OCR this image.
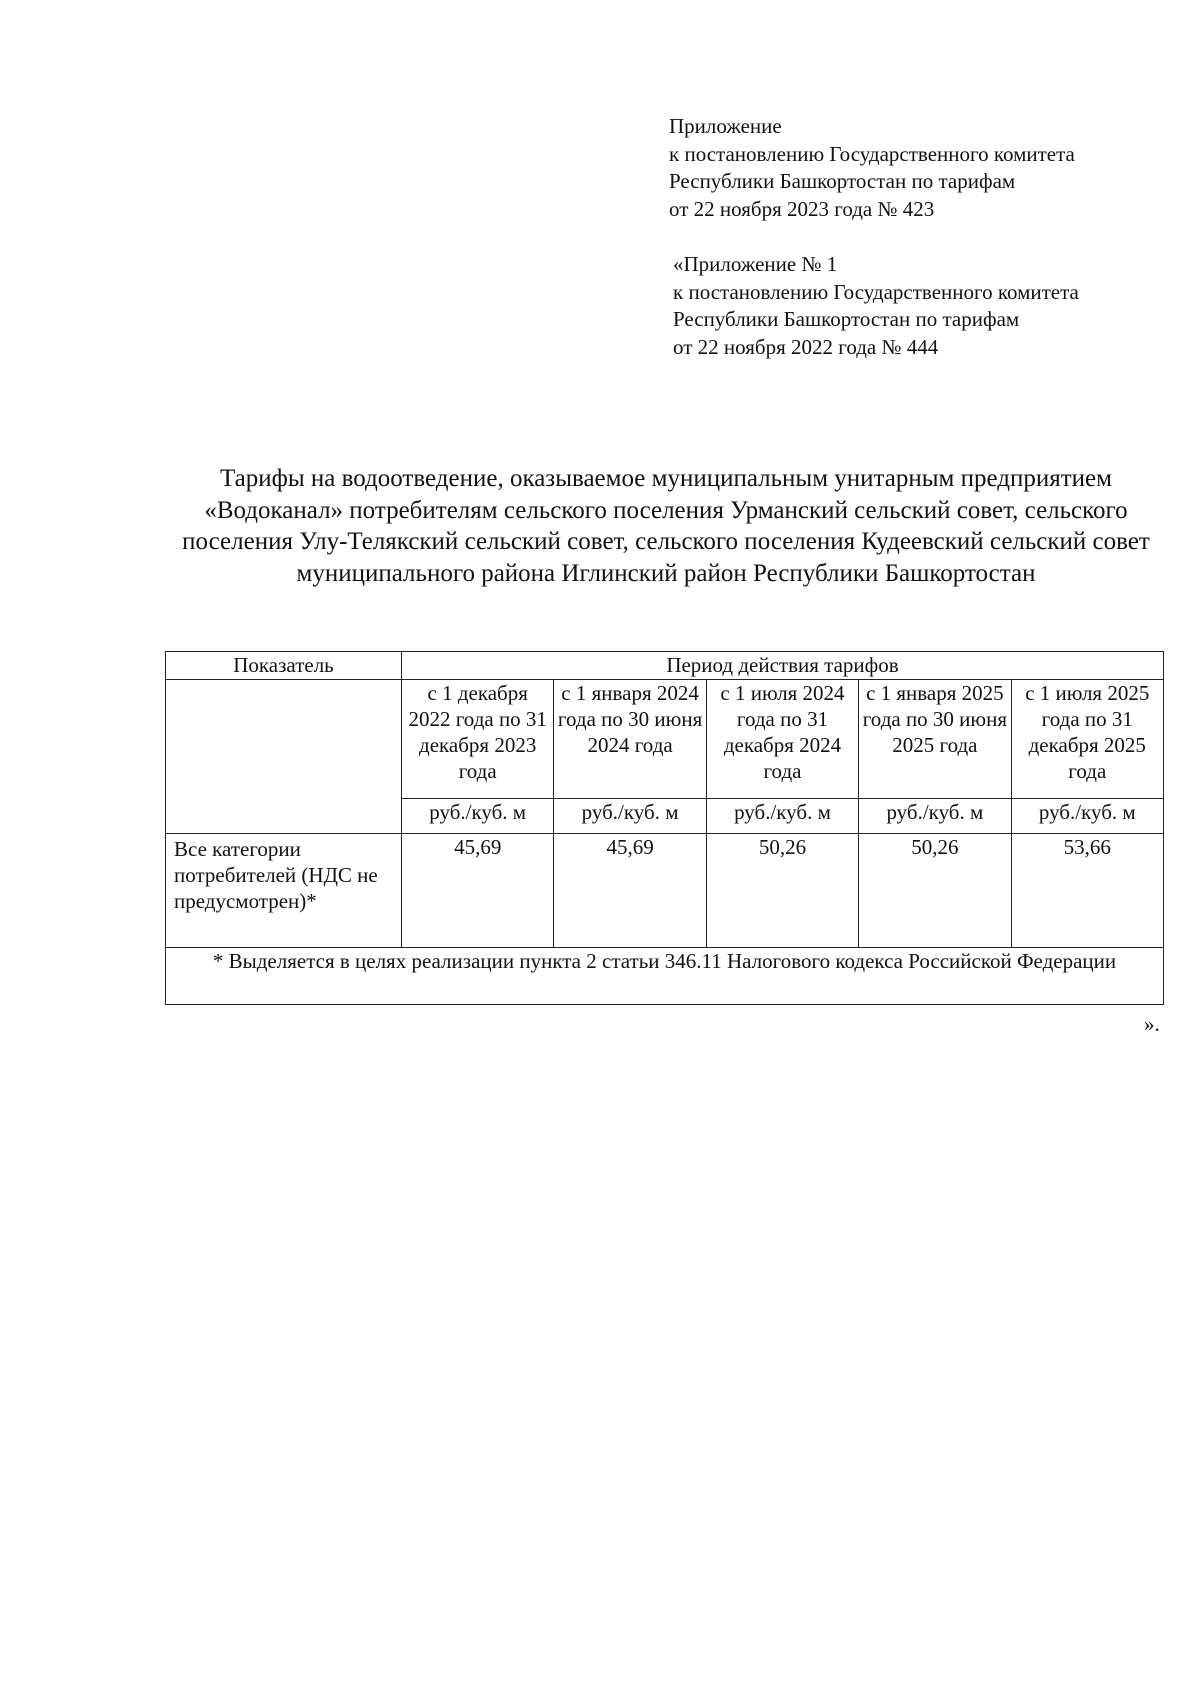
Приложение
к постановлению Государственного комитета
Республики Башкортостан по тарифам
от 22 ноября 2023 года № 423
«Приложение № 1
к постановлению Государственного комитета
Республики Башкортостан по тарифам
от 22 ноября 2022 года № 444
Тарифы на водоотведение, оказываемое муниципальным унитарным предприятием «Водоканал» потребителям сельского поселения Урманский сельский совет, сельского поселения Улу-Телякский сельский совет, сельского поселения Кудеевский сельский совет муниципального района Иглинский район Республики Башкортостан
Показатель	Период действия тарифов				
	с 1 декабря 2022 года по 31 декабря 2023 года	с 1 января 2024 года по 30 июня 2024 года	с 1 июля 2024 года по 31 декабря 2024 года	с 1 января 2025 года по 30 июня 2025 года	с 1 июля 2025 года по 31 декабря 2025 года
	руб./куб. м	руб./куб. м	руб./куб. м	руб./куб. м	руб./куб. м
Все категории потребителей (НДС не предусмотрен)*	45,69	45,69	50,26	50,26	53,66
* Выделяется в целях реализации пункта 2 статьи 346.11 Налогового кодекса Российской Федерации					
».
